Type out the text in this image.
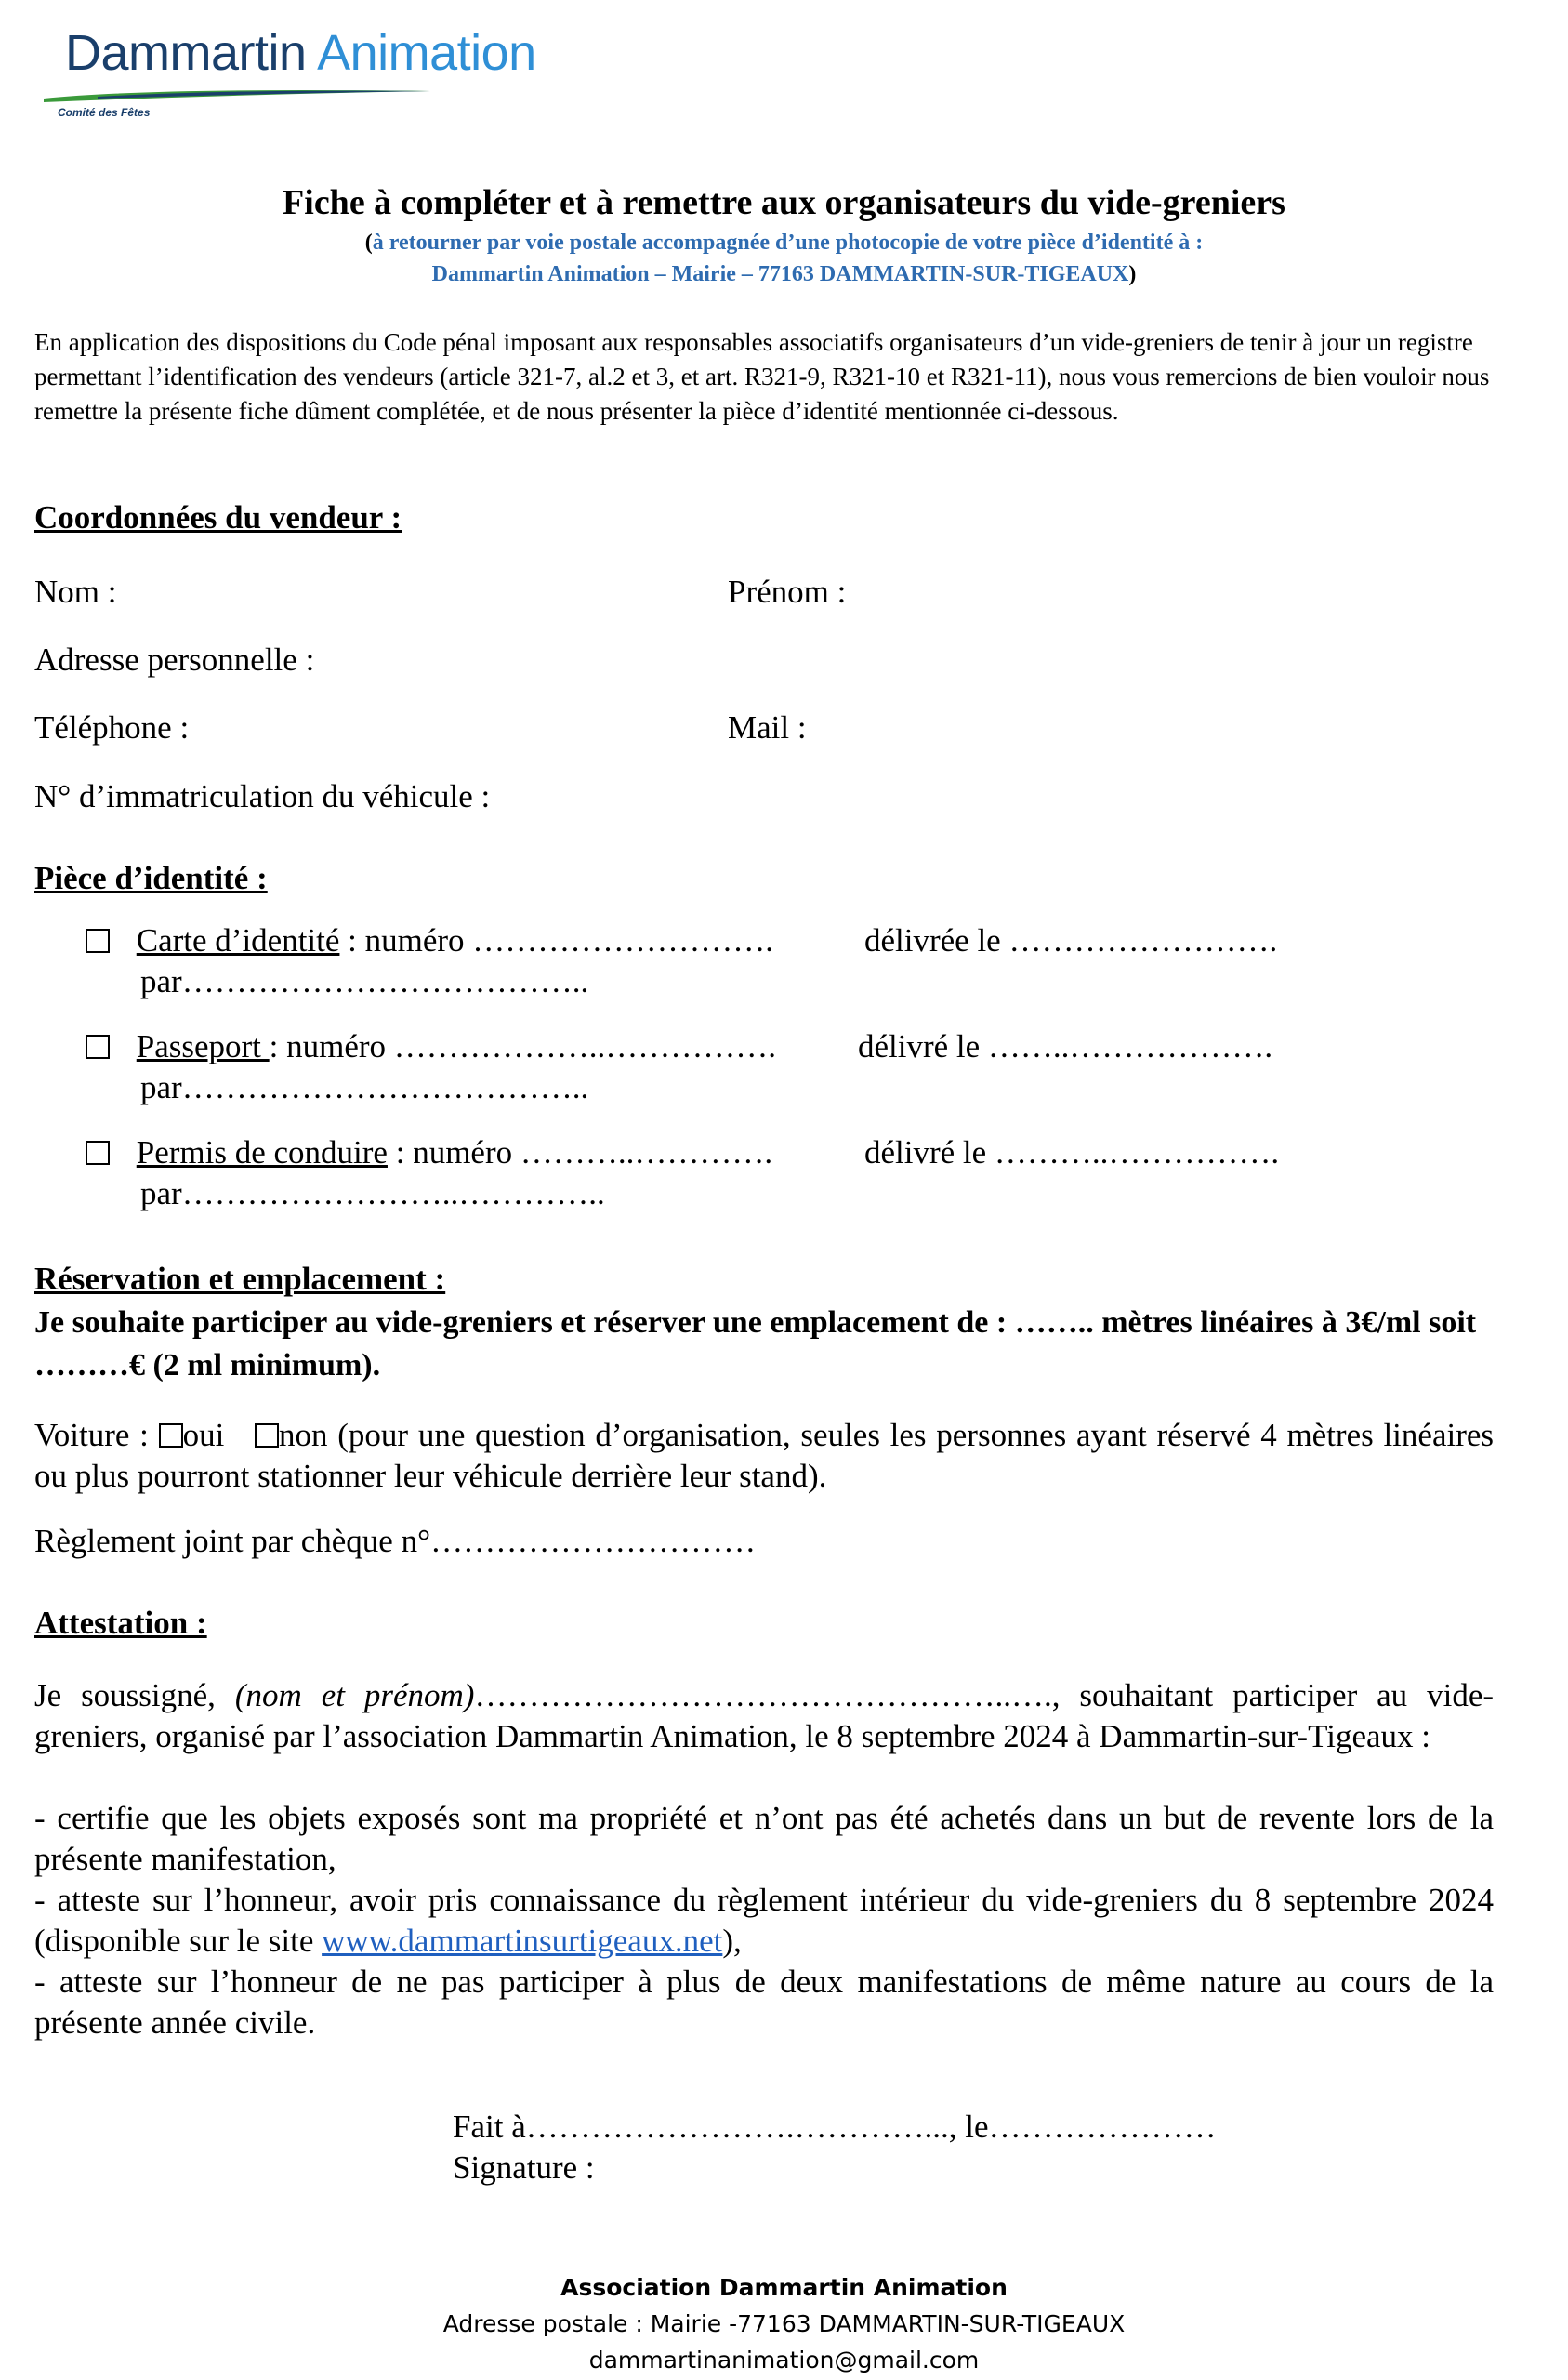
Dammartin Animation
Comité des Fêtes
Fiche à compléter et à remettre aux organisateurs du vide-greniers
(à retourner par voie postale accompagnée d’une photocopie de votre pièce d’identité à :
Dammartin Animation – Mairie – 77163 DAMMARTIN-SUR-TIGEAUX)
En application des dispositions du Code pénal imposant aux responsables associatifs organisateurs d’un vide-greniers de tenir à jour un registre permettant l’identification des vendeurs (article 321-7, al.2 et 3, et art. R321-9, R321-10 et R321-11), nous vous remercions de bien vouloir nous remettre la présente fiche dûment complétée, et de nous présenter la pièce d’identité mentionnée ci-dessous.
Coordonnées du vendeur :
Nom :	Prénom :
Adresse personnelle :
Téléphone :	Mail :
N° d’immatriculation du véhicule :
Pièce d’identité :
Carte d’identité : numéro ……………………….	délivrée le …………………….
par………………………………..
Passeport : numéro ………………..…………….	délivré le ……..……………….
par………………………………..
Permis de conduire : numéro ………..………….	délivré le ………..…………….
par……………………..…………..
Réservation et emplacement :
Je souhaite participer au vide-greniers et réserver une emplacement de : …….. mètres linéaires à 3€/ml soit ………€ (2 ml minimum).
Voiture : oui non (pour une question d’organisation, seules les personnes ayant réservé 4 mètres linéaires ou plus pourront stationner leur véhicule derrière leur stand).
Règlement joint par chèque n°…………………………
Attestation :
Je soussigné, (nom et prénom)…………………………………………..…., souhaitant participer au vide-greniers, organisé par l’association Dammartin Animation, le 8 septembre 2024 à Dammartin-sur-Tigeaux :
- certifie que les objets exposés sont ma propriété et n’ont pas été achetés dans un but de revente lors de la présente manifestation,
- atteste sur l’honneur, avoir pris connaissance du règlement intérieur du vide-greniers du 8 septembre 2024 (disponible sur le site www.dammartinsurtigeaux.net),
- atteste sur l’honneur de ne pas participer à plus de deux manifestations de même nature au cours de la présente année civile.
Fait à…………………….…………..., le…………………
Signature :
Association Dammartin Animation
Adresse postale : Mairie -77163 DAMMARTIN-SUR-TIGEAUX
dammartinanimation@gmail.com
